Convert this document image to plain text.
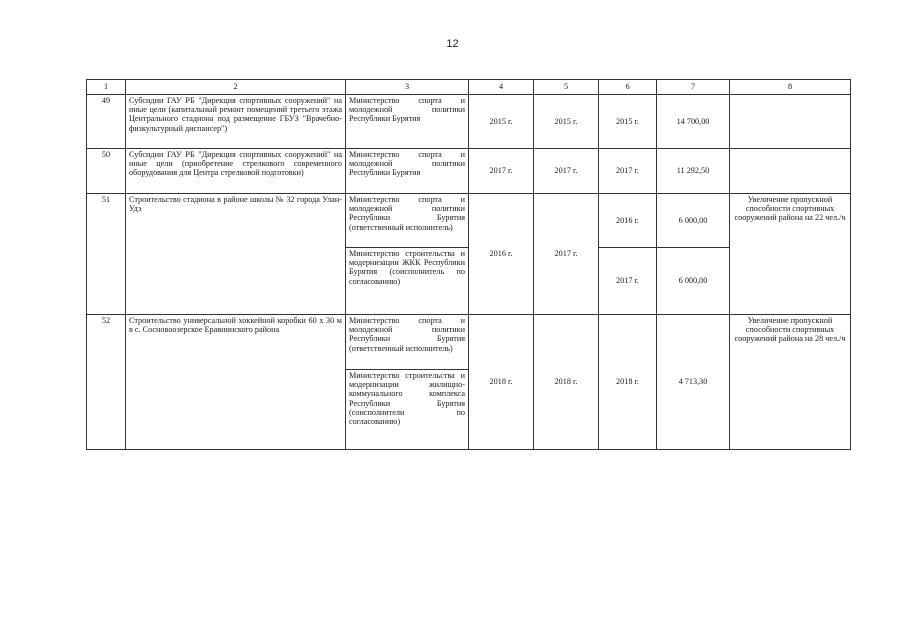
12
1	2	3	4	5	6	7	8
49	Субсидии ГАУ РБ "Дирекция спортивных сооружений" на иные цели (капитальный ремонт помещений третьего этажа Центрального стадиона под размещение ГБУЗ "Врачебно-физкультурный диспансер")	Министерство спорта и молодежной политики Республики Бурятия	2015 г.	2015 г.	2015 г.	14 700,00	
50	Субсидии ГАУ РБ "Дирекция спортивных сооружений" на иные цели (приобретение стрелкового современного оборудования для Центра стрелковой подготовки)	Министерство спорта и молодежной политики Республики Бурятия	2017 г.	2017 г.	2017 г.	11 292,50	
51	Строительство стадиона в районе школы № 32 города Улан-Удэ	Министерство спорта и молодежной политики Республики Бурятия (ответственный исполнитель)	2016 г.	2017 г.	2016 г.	6 000,00	Увеличение пропускной способности спортивных сооружений района на 22 чел./ч
		Министерство строительства и модернизации ЖКК Республики Бурятия (соисполнитель по согласованию)			2017 г.	6 000,00	
52	Строительство универсальной хоккейной коробки 60 х 30 м в с. Сосновоозерское Еравнинского района	Министерство спорта и молодежной политики Республики Бурятия (ответственный исполнитель)	2018 г.	2018 г.	2018 г.	4 713,30	Увеличение пропускной способности спортивных сооружений района на 28 чел./ч
		Министерство строительства и модернизации жилищно-коммунального комплекса Республики Бурятия (соисполнители по согласованию)					
